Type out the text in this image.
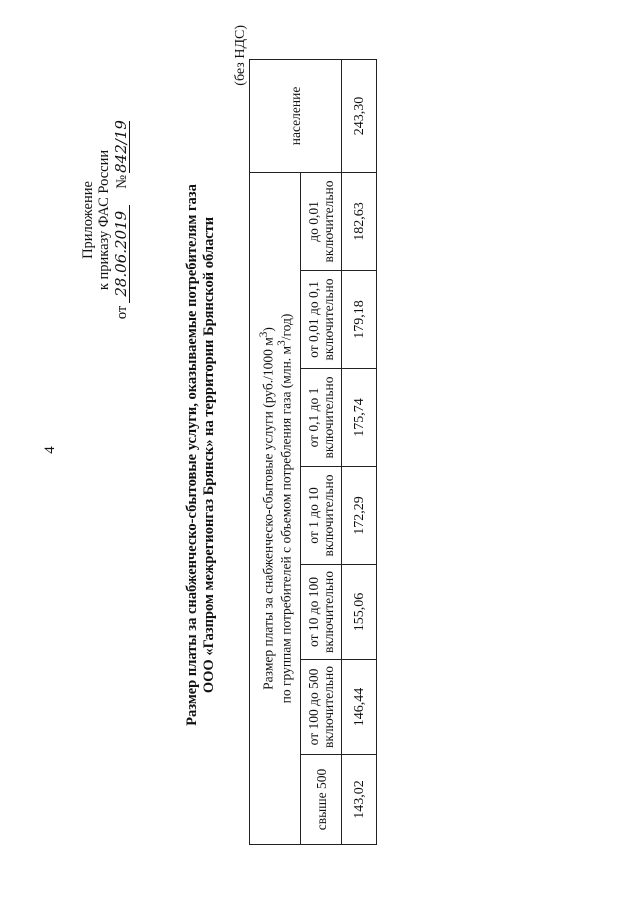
4
Приложение к приказу ФАС России
от
28.06.2019
№
842/19
Размер платы за снабженческо-сбытовые услуги, оказываемые потребителям газа ООО «Газпром межрегионгаз Брянск» на территории Брянской области
(без НДС)
Размер платы за снабженческо-сбытовые услуги (руб./1000 $м^3$)
по группам потребителей с объемом потребления газа (млн. $м^3/год$)							население

свыше 500	от 100 до 500 включительно	от 10 до 100 включительно	от 1 до 10 включительно	от 0,1 до 1 включительно	от 0,01 до 0,1 включительно	до 0,01 включительно	

143,02	146,44	155,06	172,29	175,74	179,18	182,63	243,30
